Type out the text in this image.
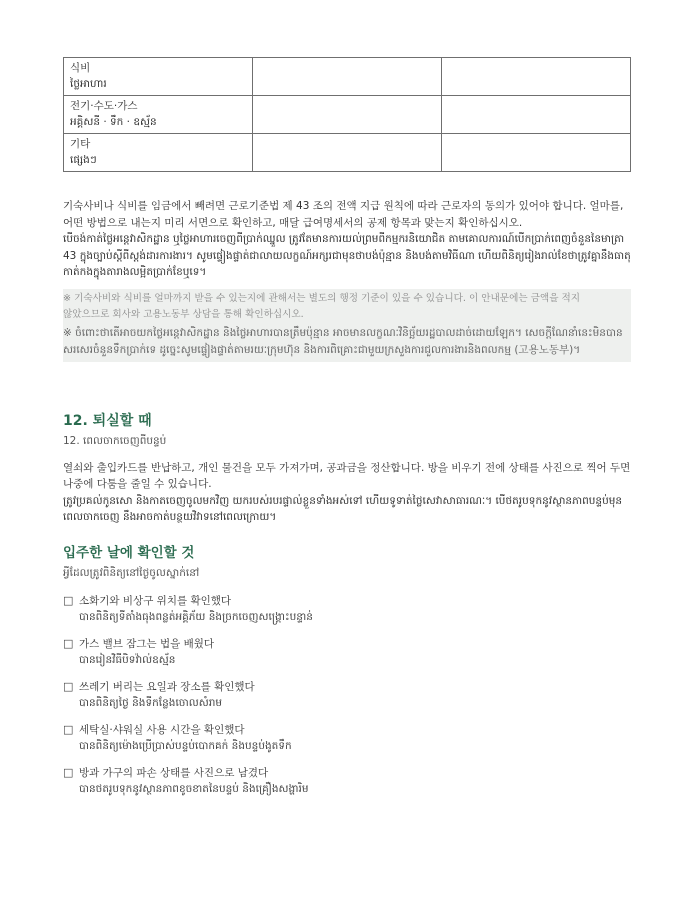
식비
ថ្លៃអាហារ		

전기·수도·가스
អគ្គិសនី · ទឹក · ឧស្ម័ន		

기타
ផ្សេងៗ		

기숙사비나 식비를 임금에서 빼려면 근로기준법 제 43 조의 전액 지급 원칙에 따라 근로자의 동의가 있어야 합니다. 얼마를, 어떤 방법으로 내는지 미리 서면으로 확인하고, 매달 급여명세서의 공제 항목과 맞는지 확인하십시오.

បើចង់កាត់ថ្លៃអន្តេវាសិកដ្ឋាន ឬថ្លៃអាហារចេញពីប្រាក់ឈ្នួល ត្រូវតែមានការយល់ព្រមពីកម្មករនិយោជិត តាមគោលការណ៍បើកប្រាក់ពេញចំនួននៃមាត្រា 43 ក្នុងច្បាប់ស្តីពីស្តង់ដារការងារ។ សូមផ្ទៀងផ្ទាត់ជាលាយលក្ខណ៍អក្សរជាមុនថាបង់ប៉ុន្មាន និងបង់តាមវិធីណា ហើយពិនិត្យរៀងរាល់ខែថាត្រូវគ្នានឹងធាតុកាត់កងក្នុងតារាងលម្អិតប្រាក់ខែឬទេ។

※ 기숙사비와 식비를 얼마까지 받을 수 있는지에 관해서는 별도의 행정 기준이 있을 수 있습니다. 이 안내문에는 금액을 적지

않았으므로 회사와 고용노동부 상담을 통해 확인하십시오.

※ ចំពោះថាតើអាចយកថ្លៃអន្តេវាសិកដ្ឋាន និងថ្លៃអាហារបានត្រឹមប៉ុន្មាន អាចមានលក្ខណៈវិនិច្ឆ័យរដ្ឋបាលដាច់ដោយឡែក។ សេចក្តីណែនាំនេះមិនបានសរសេរចំនួនទឹកប្រាក់ទេ ដូច្នេះសូមផ្ទៀងផ្ទាត់តាមរយៈក្រុមហ៊ុន និងការពិគ្រោះជាមួយក្រសួងការជួលការងារនិងពលកម្ម (고용노동부)។

12. 퇴실할 때
12. ពេលចាកចេញពីបន្ទប់

열쇠와 출입카드를 반납하고, 개인 물건을 모두 가져가며, 공과금을 정산합니다. 방을 비우기 전에 상태를 사진으로 찍어 두면 나중에 다툼을 줄일 수 있습니다.

ត្រូវប្រគល់កូនសោ និងកាតចេញចូលមកវិញ យករបស់របរផ្ទាល់ខ្លួនទាំងអស់ទៅ ហើយទូទាត់ថ្លៃសេវាសាធារណៈ។ បើថតរូបទុកនូវស្ថានភាពបន្ទប់មុនពេលចាកចេញ នឹងអាចកាត់បន្ថយវិវាទនៅពេលក្រោយ។

입주한 날에 확인할 것
អ្វីដែលត្រូវពិនិត្យនៅថ្ងៃចូលស្នាក់នៅ
□ 소화기와 비상구 위치를 확인했다
បានពិនិត្យទីតាំងធុងពន្លត់អគ្គិភ័យ និងច្រកចេញសង្គ្រោះបន្ទាន់
□ 가스 밸브 잠그는 법을 배웠다
បានរៀនវិធីបិទវ៉ាល់ឧស្ម័ន
□ 쓰레기 버리는 요일과 장소를 확인했다
បានពិនិត្យថ្ងៃ និងទីកន្លែងចោលសំរាម
□ 세탁실·샤워실 사용 시간을 확인했다
បានពិនិត្យម៉ោងប្រើប្រាស់បន្ទប់បោកគក់ និងបន្ទប់ងូតទឹក
□ 방과 가구의 파손 상태를 사진으로 남겼다
បានថតរូបទុកនូវស្ថានភាពខូចខាតនៃបន្ទប់ និងគ្រឿងសង្ហារិម
